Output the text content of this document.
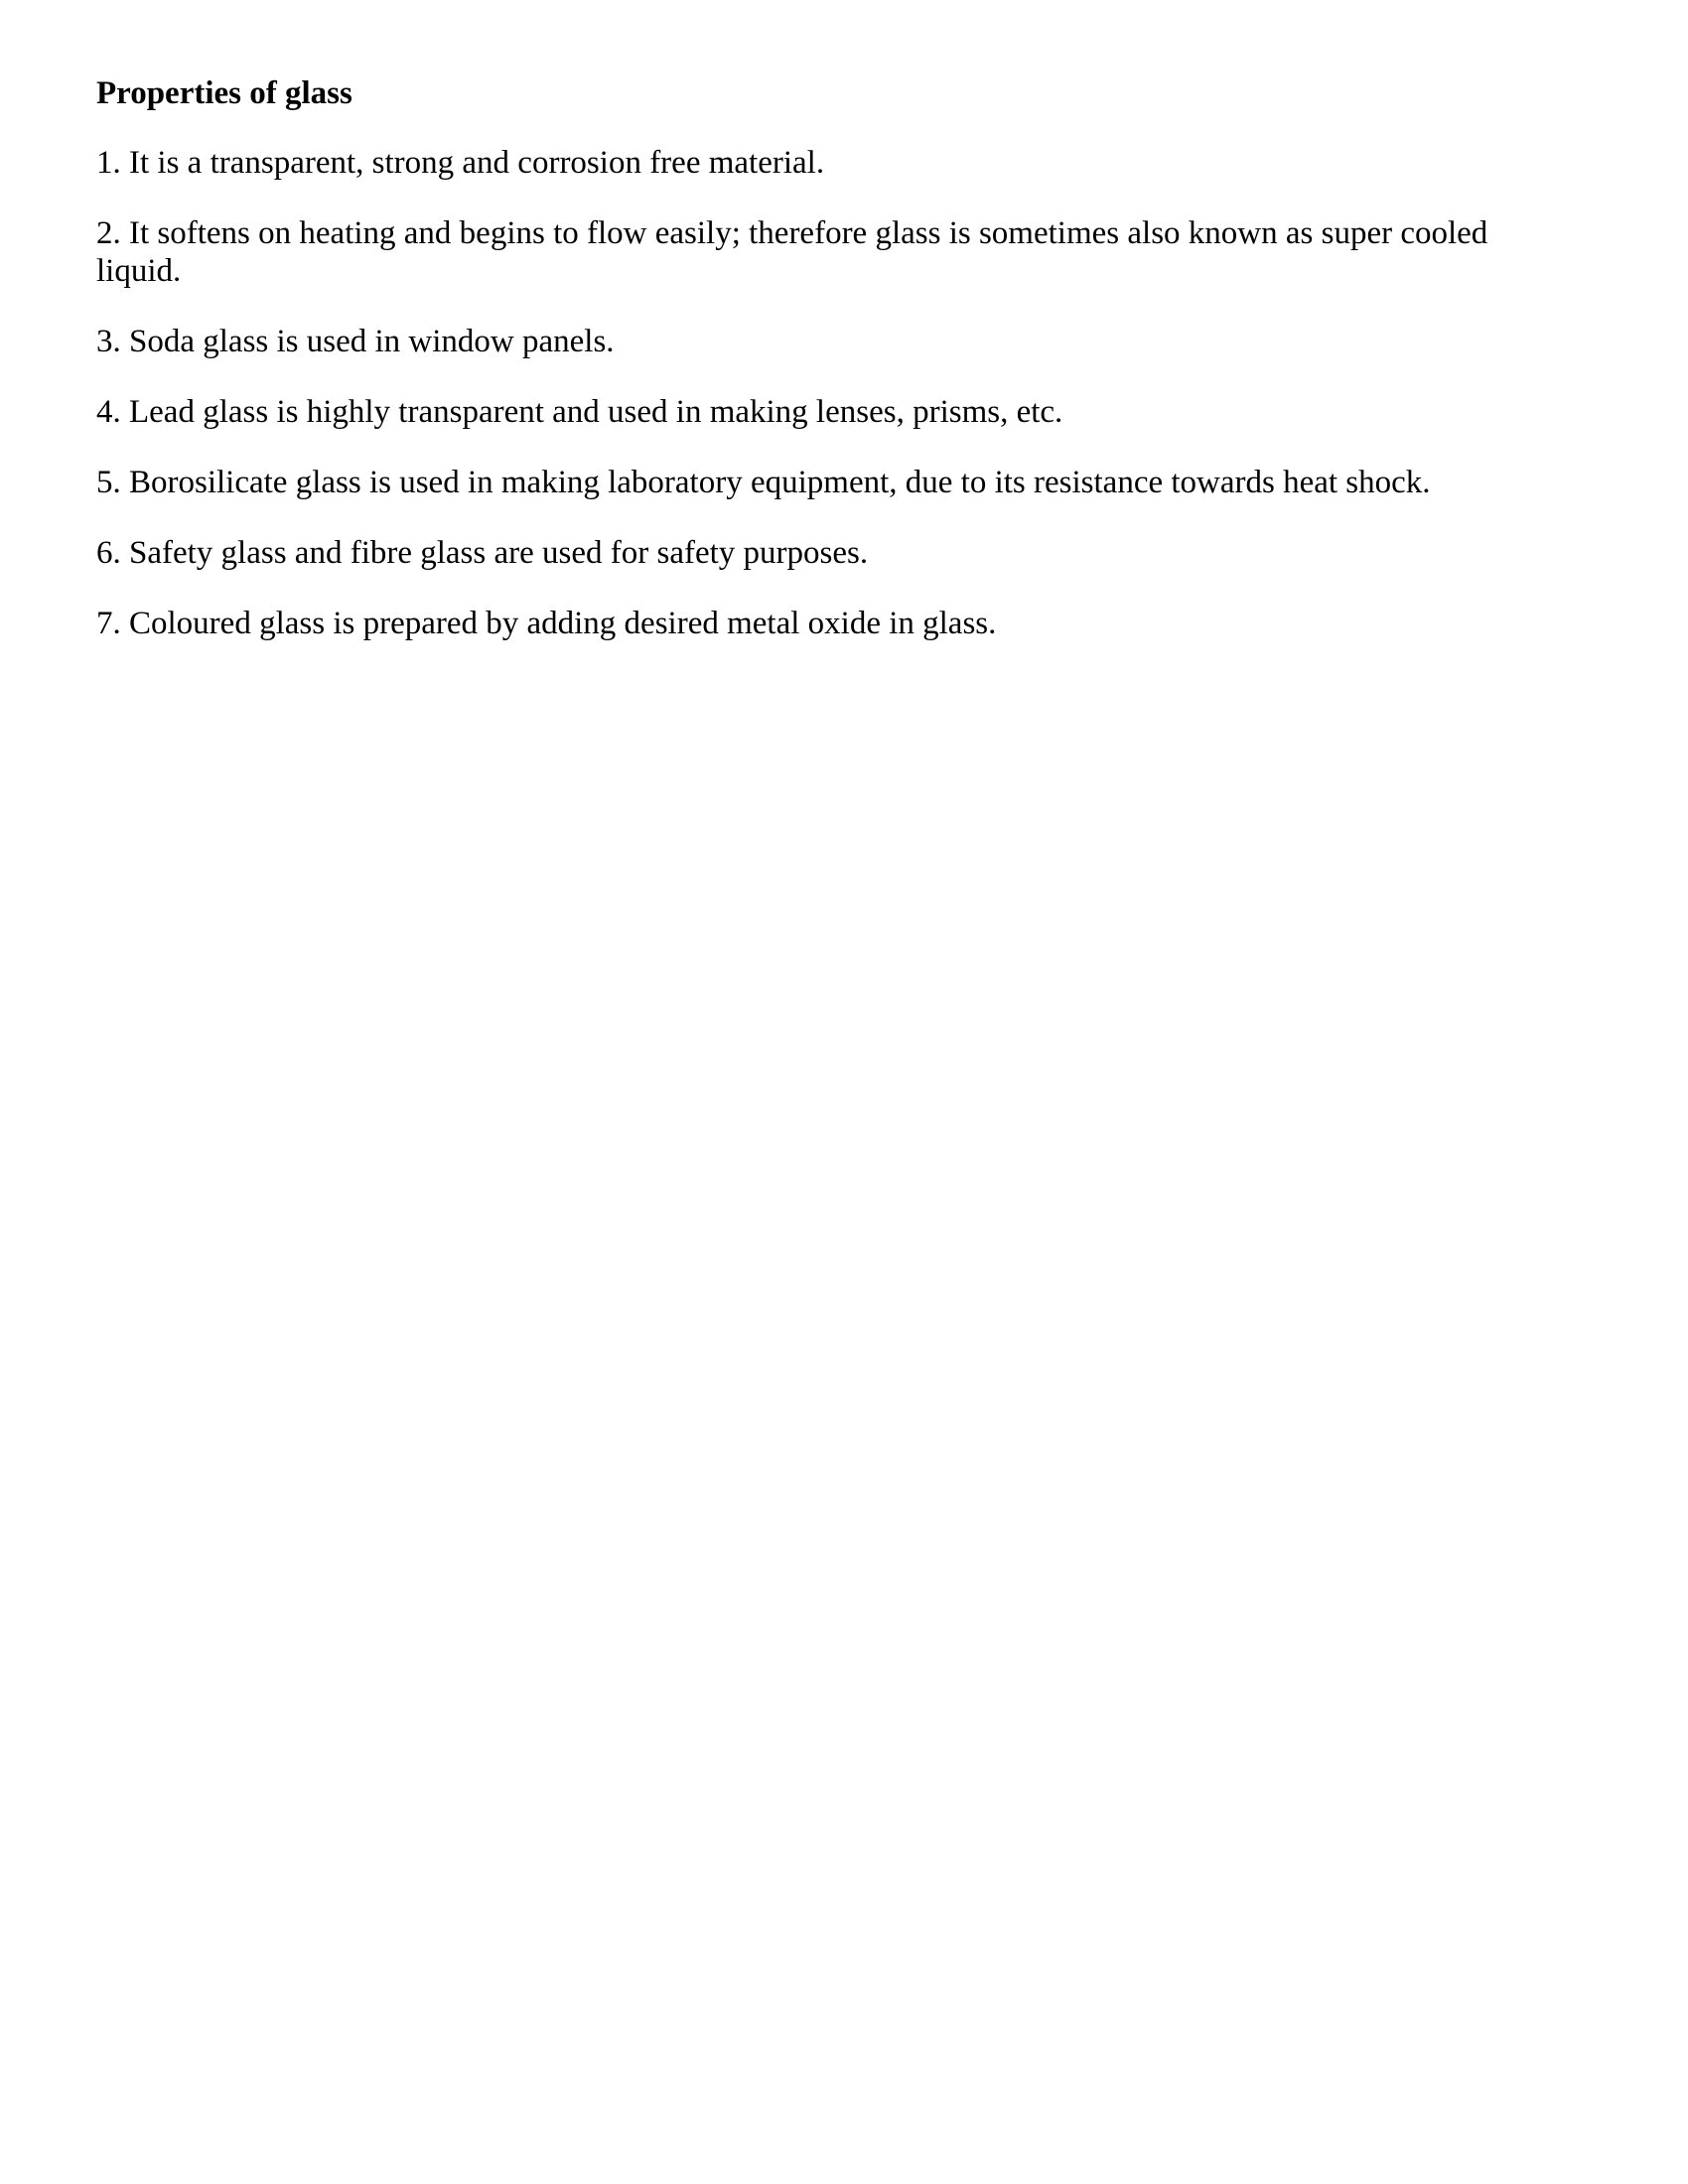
Properties of glass
1. It is a transparent, strong and corrosion free material.
2. It softens on heating and begins to flow easily; therefore glass is sometimes also known as super cooled liquid.
3. Soda glass is used in window panels.
4. Lead glass is highly transparent and used in making lenses, prisms, etc.
5. Borosilicate glass is used in making laboratory equipment, due to its resistance towards heat shock.
6. Safety glass and fibre glass are used for safety purposes.
7. Coloured glass is prepared by adding desired metal oxide in glass.
